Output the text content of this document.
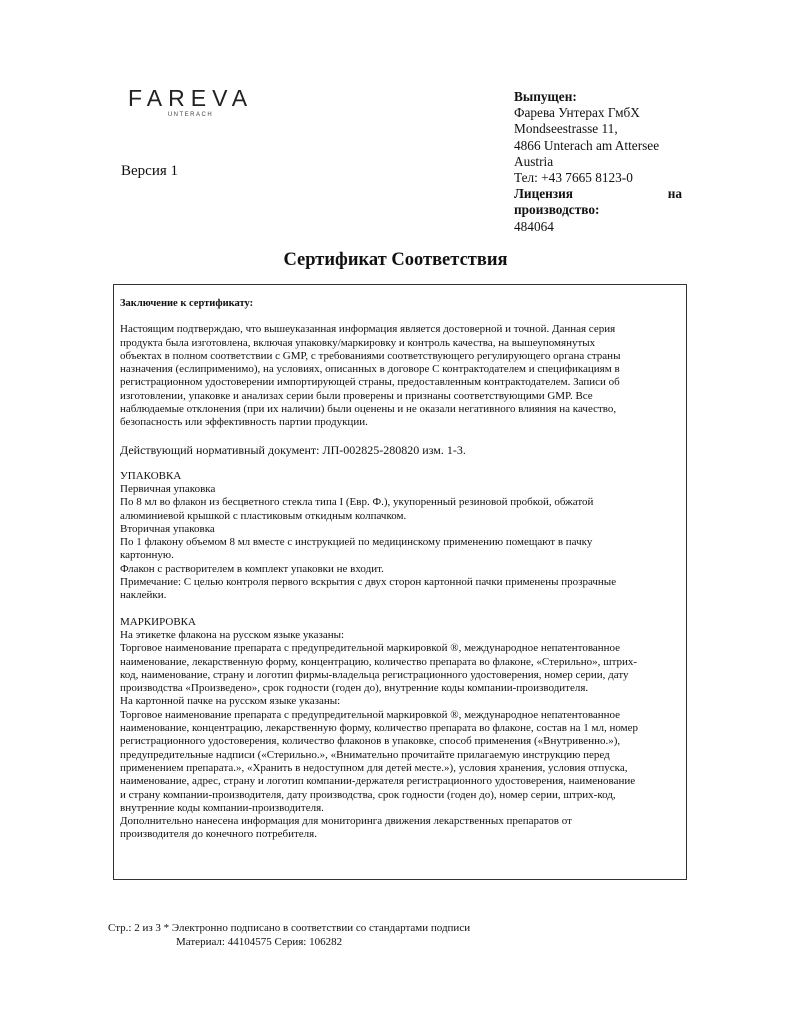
FAREVA
UNTERACH
Версия 1
Выпущен:
Фарева Унтерах ГмбХ
Mondseestrasse 11,
4866 Unterach am Attersee
Austria
Тел: +43 7665 8123-0
Лицензия	на
производство:
484064
Сертификат Соответствия

Заключение к сертификату:

Настоящим подтверждаю, что вышеуказанная информация является достоверной и точной. Данная серия

продукта была изготовлена, включая упаковку/маркировку и контроль качества, на вышеупомянутых

объектах в полном соответствии с GMP, с требованиями соответствующего регулирующего органа страны

назначения (еслиприменимо), на условиях, описанных в договоре С контрактодателем и спецификациям в

регистрационном удостоверении импортирующей страны, предоставленным контрактодателем. Записи об

изготовлении, упаковке и анализах серии были проверены и признаны соответствующими GMP. Все

наблюдаемые отклонения (при их наличии) были оценены и не оказали негативного влияния на качество,

безопасность или эффективность партии продукции.

Действующий нормативный документ: ЛП-002825-280820 изм. 1-3.

УПАКОВКА

Первичная упаковка

По 8 мл во флакон из бесцветного стекла типа I (Евр. Ф.), укупоренный резиновой пробкой, обжатой

алюминиевой крышкой с пластиковым откидным колпачком.

Вторичная упаковка

По 1 флакону объемом 8 мл вместе с инструкцией по медицинскому применению помещают в пачку

картонную.

Флакон с растворителем в комплект упаковки не входит.

Примечание: С целью контроля первого вскрытия с двух сторон картонной пачки применены прозрачные

наклейки.

МАРКИРОВКА

На этикетке флакона на русском языке указаны:

Торговое наименование препарата с предупредительной маркировкой ®, международное непатентованное

наименование, лекарственную форму, концентрацию, количество препарата во флаконе, «Стерильно», штрих-

код, наименование, страну и логотип фирмы-владельца регистрационного удостоверения, номер серии, дату

производства «Произведено», срок годности (годен до), внутренние коды компании-производителя.

На картонной пачке на русском языке указаны:

Торговое наименование препарата с предупредительной маркировкой ®, международное непатентованное

наименование, концентрацию, лекарственную форму, количество препарата во флаконе, состав на 1 мл, номер

регистрационного удостоверения, количество флаконов в упаковке, способ применения («Внутривенно.»),

предупредительные надписи («Стерильно.», «Внимательно прочитайте прилагаемую инструкцию перед

применением препарата.», «Хранить в недоступном для детей месте.»), условия хранения, условия отпуска,

наименование, адрес, страну и логотип компании-держателя регистрационного удостоверения, наименование

и страну компании-производителя, дату производства, срок годности (годен до), номер серии, штрих-код,

внутренние коды компании-производителя.

Дополнительно нанесена информация для мониторинга движения лекарственных препаратов от

производителя до конечного потребителя.

Стр.: 2 из 3 * Электронно подписано в соответствии со стандартами подписи
Материал: 44104575 Серия: 106282
